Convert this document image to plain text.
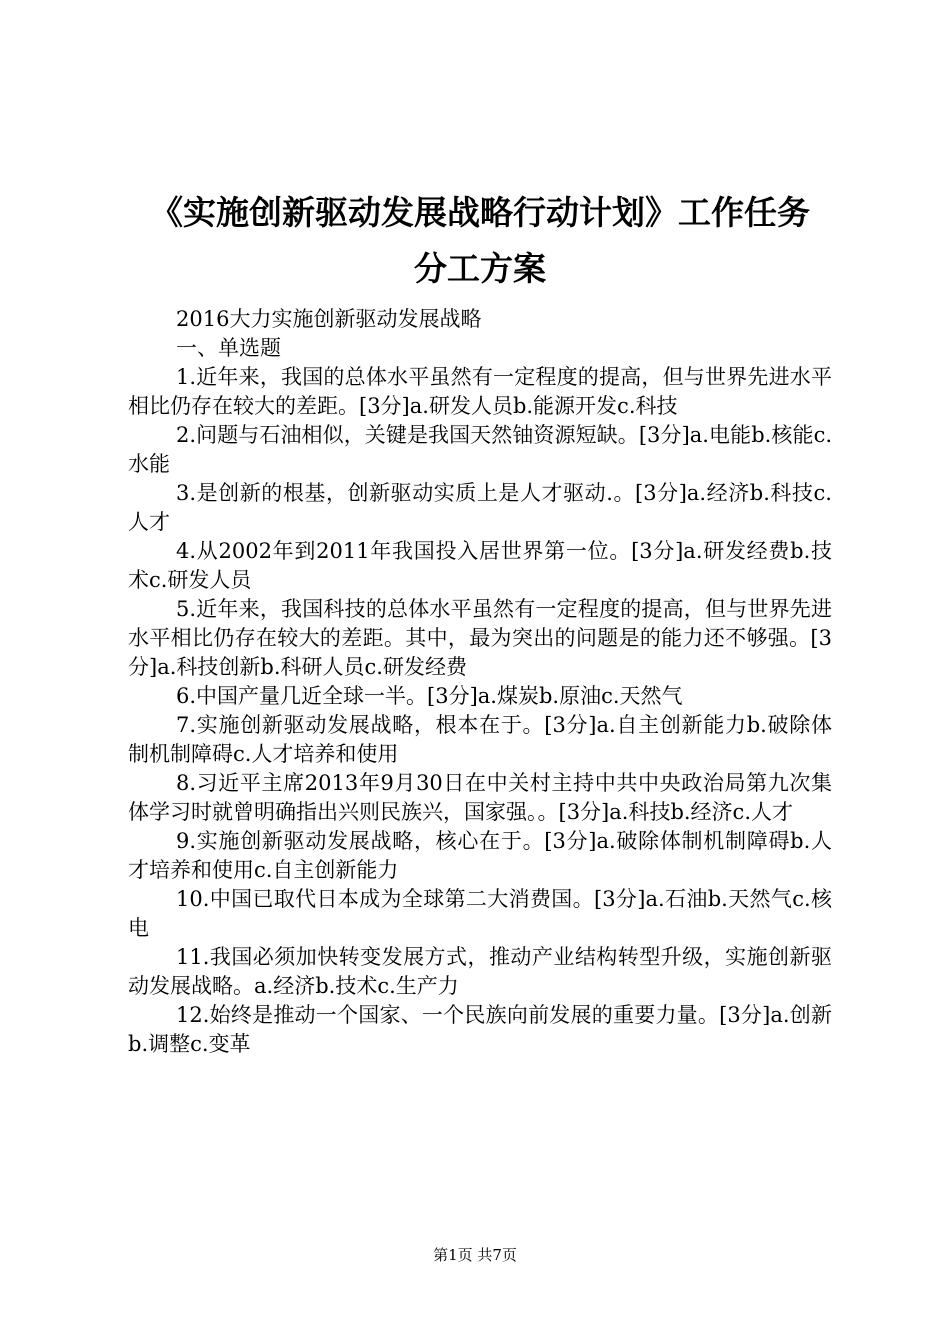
《实施创新驱动发展战略行动计划》工作任务
分工方案

2016大力实施创新驱动发展战略

一、单选题

1.近年来，我国的总体水平虽然有一定程度的提高，但与世界先进水平相比仍存在较大的差距。[3分]a.研发人员b.能源开发c.科技

2.问题与石油相似，关键是我国天然铀资源短缺。[3分]a.电能b.核能c.水能

3.是创新的根基，创新驱动实质上是人才驱动.。[3分]a.经济b.科技c.人才

4.从2002年到2011年我国投入居世界第一位。[3分]a.研发经费b.技术c.研发人员

5.近年来，我国科技的总体水平虽然有一定程度的提高，但与世界先进水平相比仍存在较大的差距。其中，最为突出的问题是的能力还不够强。[3分]a.科技创新b.科研人员c.研发经费

6.中国产量几近全球一半。[3分]a.煤炭b.原油c.天然气

7.实施创新驱动发展战略，根本在于。[3分]a.自主创新能力b.破除体制机制障碍c.人才培养和使用

8.习近平主席2013年9月30日在中关村主持中共中央政治局第九次集体学习时就曾明确指出兴则民族兴，国家强。。[3分]a.科技b.经济c.人才

9.实施创新驱动发展战略，核心在于。[3分]a.破除体制机制障碍b.人才培养和使用c.自主创新能力

10.中国已取代日本成为全球第二大消费国。[3分]a.石油b.天然气c.核电

11.我国必须加快转变发展方式，推动产业结构转型升级，实施创新驱动发展战略。a.经济b.技术c.生产力

12.始终是推动一个国家、一个民族向前发展的重要力量。[3分]a.创新b.调整c.变革

第1页 共7页
